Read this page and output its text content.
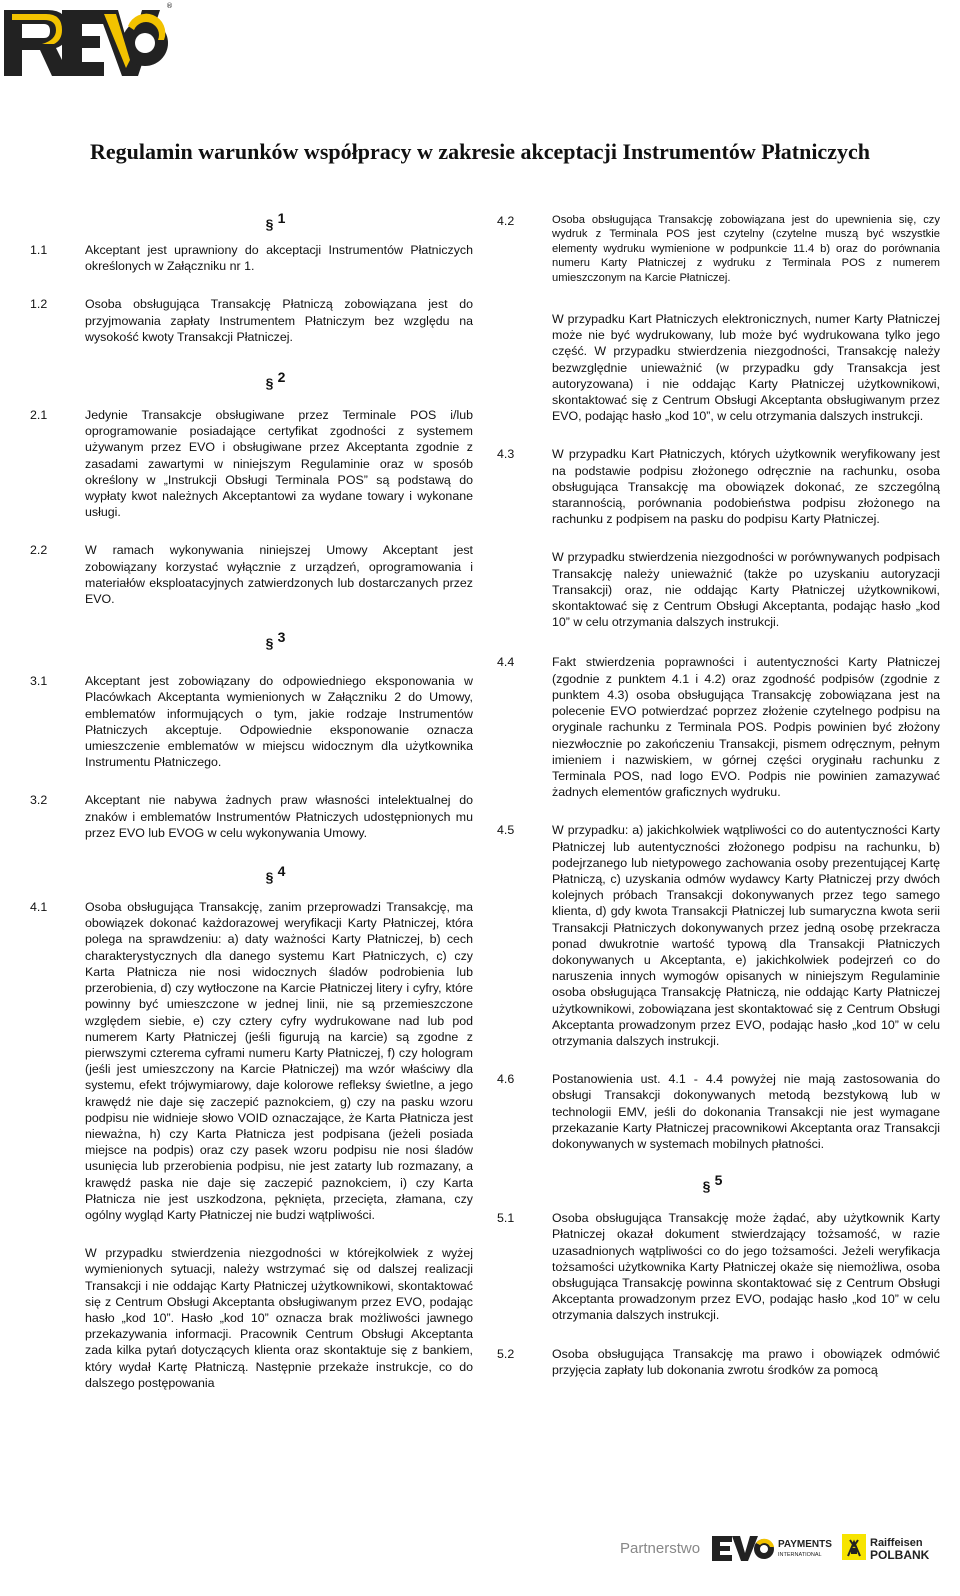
®
Regulamin warunków współpracy w zakresie akceptacji Instrumentów Płatniczych
§ 1
1.1	Akceptant jest uprawniony do akceptacji Instrumentów Płatniczych określonych w Załączniku nr 1.
1.2	Osoba obsługująca Transakcję Płatniczą zobowiązana jest do przyjmowania zapłaty Instrumentem Płatniczym bez względu na wysokość kwoty Transakcji Płatniczej.
§ 2
2.1	Jedynie Transakcje obsługiwane przez Terminale POS i/lub oprogramowanie posiadające certyfikat zgodności z systemem używanym przez EVO i obsługiwane przez Akceptanta zgodnie z zasadami zawartymi w niniejszym Regulaminie oraz w sposób określony w „Instrukcji Obsługi Terminala POS” są podstawą do wypłaty kwot należnych Akceptantowi za wydane towary i wykonane usługi.
2.2	W ramach wykonywania niniejszej Umowy Akceptant jest zobowiązany korzystać wyłącznie z urządzeń, oprogramowania i materiałów eksploatacyjnych zatwierdzonych lub dostarczanych przez EVO.
§ 3
3.1	Akceptant jest zobowiązany do odpowiedniego eksponowania w Placówkach Akceptanta wymienionych w Załączniku 2 do Umowy, emblematów informujących o tym, jakie rodzaje Instrumentów Płatniczych akceptuje. Odpowiednie eksponowanie oznacza umieszczenie emblematów w miejscu widocznym dla użytkownika Instrumentu Płatniczego.
3.2	Akceptant nie nabywa żadnych praw własności intelektualnej do znaków i emblematów Instrumentów Płatniczych udostępnionych mu przez EVO lub EVOG w celu wykonywania Umowy.
§ 4
4.1	Osoba obsługująca Transakcję, zanim przeprowadzi Transakcję, ma obowiązek dokonać każdorazowej weryfikacji Karty Płatniczej, która polega na sprawdzeniu: a) daty ważności Karty Płatniczej, b) cech charakterystycznych dla danego systemu Kart Płatniczych, c) czy Karta Płatnicza nie nosi widocznych śladów podrobienia lub przerobienia, d) czy wytłoczone na Karcie Płatniczej litery i cyfry, które powinny być umieszczone w jednej linii, nie są przemieszczone względem siebie, e) czy cztery cyfry wydrukowane nad lub pod numerem Karty Płatniczej (jeśli figurują na karcie) są zgodne z pierwszymi czterema cyframi numeru Karty Płatniczej, f) czy hologram (jeśli jest umieszczony na Karcie Płatniczej) ma wzór właściwy dla systemu, efekt trójwymiarowy, daje kolorowe refleksy świetlne, a jego krawędź nie daje się zaczepić paznokciem, g) czy na pasku wzoru podpisu nie widnieje słowo VOID oznaczające, że Karta Płatnicza jest nieważna, h) czy Karta Płatnicza jest podpisana (jeżeli posiada miejsce na podpis) oraz czy pasek wzoru podpisu nie nosi śladów usunięcia lub przerobienia podpisu, nie jest zatarty lub rozmazany, a krawędź paska nie daje się zaczepić paznokciem, i) czy Karta Płatnicza nie jest uszkodzona, pęknięta, przecięta, złamana, czy ogólny wygląd Karty Płatniczej nie budzi wątpliwości.
W przypadku stwierdzenia niezgodności w którejkolwiek z wyżej wymienionych sytuacji, należy wstrzymać się od dalszej realizacji Transakcji i nie oddając Karty Płatniczej użytkownikowi, skontaktować się z Centrum Obsługi Akceptanta obsługiwanym przez EVO, podając hasło „kod 10”. Hasło „kod 10” oznacza brak możliwości jawnego przekazywania informacji. Pracownik Centrum Obsługi Akceptanta zada kilka pytań dotyczących klienta oraz skontaktuje się z bankiem, który wydał Kartę Płatniczą. Następnie przekaże instrukcje, co do dalszego postępowania
4.2	Osoba obsługująca Transakcję zobowiązana jest do upewnienia się, czy wydruk z Terminala POS jest czytelny (czytelne muszą być wszystkie elementy wydruku wymienione w podpunkcie 11.4 b) oraz do porównania numeru Karty Płatniczej z wydruku z Terminala POS z numerem umieszczonym na Karcie Płatniczej.
W przypadku Kart Płatniczych elektronicznych, numer Karty Płatniczej może nie być wydrukowany, lub może być wydrukowana tylko jego część. W przypadku stwierdzenia niezgodności, Transakcję należy bezwzględnie unieważnić (w przypadku gdy Transakcja jest autoryzowana) i nie oddając Karty Płatniczej użytkownikowi, skontaktować się z Centrum Obsługi Akceptanta obsługiwanym przez EVO, podając hasło „kod 10”, w celu otrzymania dalszych instrukcji.
4.3	W przypadku Kart Płatniczych, których użytkownik weryfikowany jest na podstawie podpisu złożonego odręcznie na rachunku, osoba obsługująca Transakcję ma obowiązek dokonać, ze szczególną starannością, porównania podobieństwa podpisu złożonego na rachunku z podpisem na pasku do podpisu Karty Płatniczej.
W przypadku stwierdzenia niezgodności w porównywanych podpisach Transakcję należy unieważnić (także po uzyskaniu autoryzacji Transakcji) oraz, nie oddając Karty Płatniczej użytkownikowi, skontaktować się z Centrum Obsługi Akceptanta, podając hasło „kod 10” w celu otrzymania dalszych instrukcji.
4.4	Fakt stwierdzenia poprawności i autentyczności Karty Płatniczej (zgodnie z punktem 4.1 i 4.2) oraz zgodność podpisów (zgodnie z punktem 4.3) osoba obsługująca Transakcję zobowiązana jest na polecenie EVO potwierdzać poprzez złożenie czytelnego podpisu na oryginale rachunku z Terminala POS. Podpis powinien być złożony niezwłocznie po zakończeniu Transakcji, pismem odręcznym, pełnym imieniem i nazwiskiem, w górnej części oryginału rachunku z Terminala POS, nad logo EVO. Podpis nie powinien zamazywać żadnych elementów graficznych wydruku.
4.5	W przypadku: a) jakichkolwiek wątpliwości co do autentyczności Karty Płatniczej lub autentyczności złożonego podpisu na rachunku, b) podejrzanego lub nietypowego zachowania osoby prezentującej Kartę Płatniczą, c) uzyskania odmów wydawcy Karty Płatniczej przy dwóch kolejnych próbach Transakcji dokonywanych przez tego samego klienta, d) gdy kwota Transakcji Płatniczej lub sumaryczna kwota serii Transakcji Płatniczych dokonywanych przez jedną osobę przekracza ponad dwukrotnie wartość typową dla Transakcji Płatniczych dokonywanych u Akceptanta, e) jakichkolwiek podejrzeń co do naruszenia innych wymogów opisanych w niniejszym Regulaminie osoba obsługująca Transakcję Płatniczą, nie oddając Karty Płatniczej użytkownikowi, zobowiązana jest skontaktować się z Centrum Obsługi Akceptanta prowadzonym przez EVO, podając hasło „kod 10” w celu otrzymania dalszych instrukcji.
4.6	Postanowienia ust. 4.1 - 4.4 powyżej nie mają zastosowania do obsługi Transakcji dokonywanych metodą bezstykową lub w technologii EMV, jeśli do dokonania Transakcji nie jest wymagane przekazanie Karty Płatniczej pracownikowi Akceptanta oraz Transakcji dokonywanych w systemach mobilnych płatności.
§ 5
5.1	Osoba obsługująca Transakcję może żądać, aby użytkownik Karty Płatniczej okazał dokument stwierdzający tożsamość, w razie uzasadnionych wątpliwości co do jego tożsamości. Jeżeli weryfikacja tożsamości użytkownika Karty Płatniczej okaże się niemożliwa, osoba obsługująca Transakcję powinna skontaktować się z Centrum Obsługi Akceptanta prowadzonym przez EVO, podając hasło „kod 10” w celu otrzymania dalszych instrukcji.
5.2	Osoba obsługująca Transakcję ma prawo i obowiązek odmówić przyjęcia zapłaty lub dokonania zwrotu środków za pomocą
Partnerstwo	PAYMENTS
INTERNATIONAL
Raiffeisen
POLBANK
